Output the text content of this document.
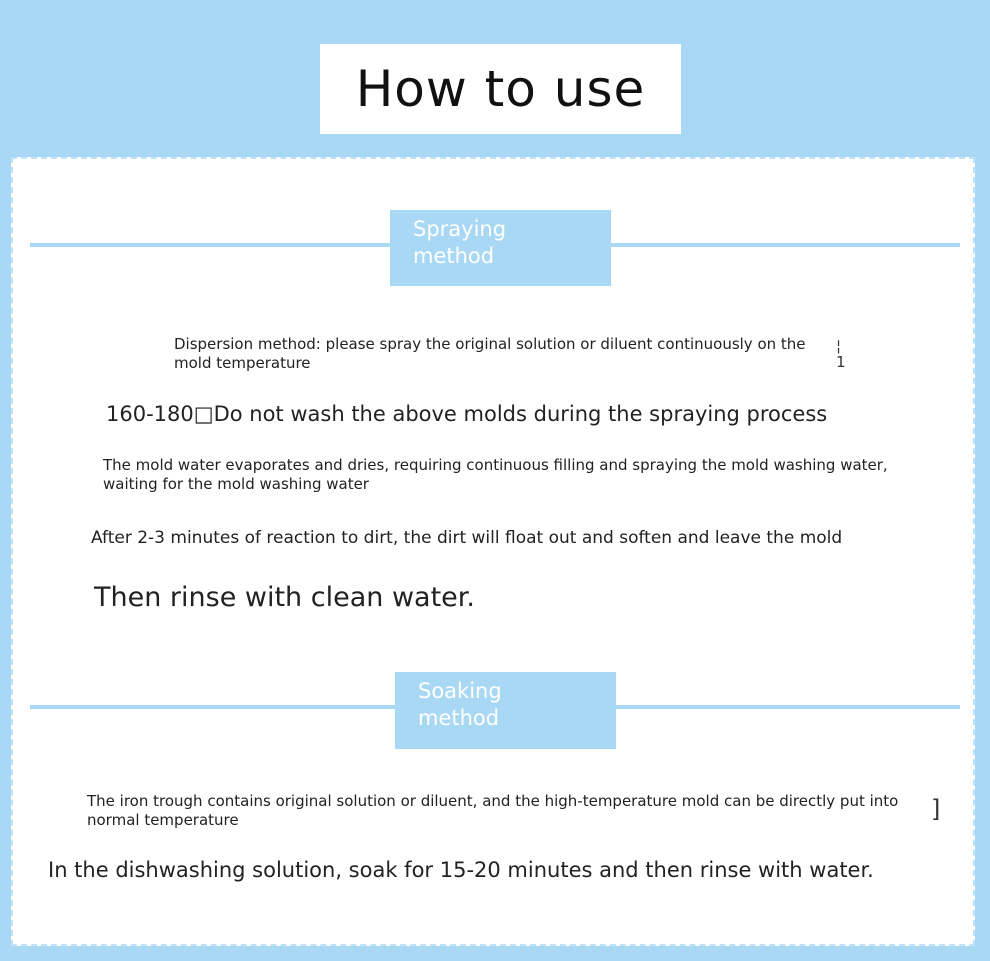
How to use
Spraying
method

Dispersion method: please spray the original solution or diluent continuously on the mold temperature

¦
1

160-180□Do not wash the above molds during the spraying process

The mold water evaporates and dries, requiring continuous filling and spraying the mold washing water, waiting for the mold washing water

After 2-3 minutes of reaction to dirt, the dirt will float out and soften and leave the mold

Then rinse with clean water.

Soaking
method

The iron trough contains original solution or diluent, and the high-temperature mold can be directly put into normal temperature	]

In the dishwashing solution, soak for 15-20 minutes and then rinse with water.
